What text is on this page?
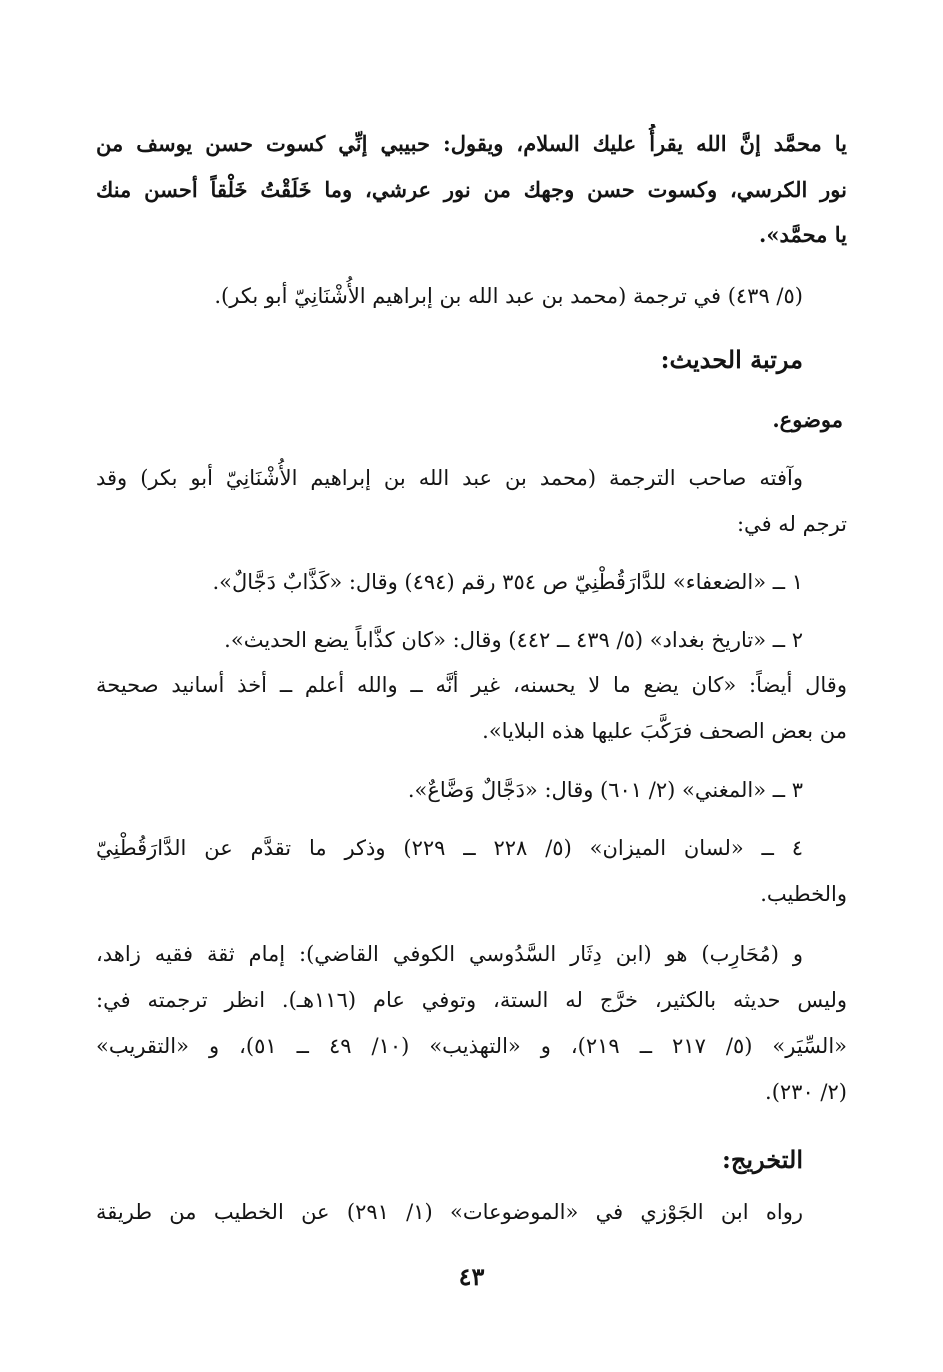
يا محمَّد إنَّ الله يقرأُ عليك السلام، ويقول: حبيبي إنِّي كسوت حسن يوسف من
نور الكرسي، وكسوت حسن وجهك من نور عرشي، وما خَلَقْتُ خَلْقاً أحسن منك
يا محمَّد».
(٥/ ٤٣٩) في ترجمة (محمد بن عبد الله بن إبراهيم الأُشْنَانِيّ أبو بكر).
مرتبة الحديث:
موضوع.
وآفته صاحب الترجمة (محمد بن عبد الله بن إبراهيم الأُشْنَانِيّ أبو بكر) وقد
ترجم له في:
١ ــ «الضعفاء» للدَّارَقُطْنِيّ ص ٣٥٤ رقم (٤٩٤) وقال: «كَذَّابٌ دَجَّالٌ».
٢ ــ «تاريخ بغداد» (٥/ ٤٣٩ ــ ٤٤٢) وقال: «كان كذَّاباً يضع الحديث».
وقال أيضاً: «كان يضع ما لا يحسنه، غير أنَّه ــ والله أعلم ــ أخذ أسانيد صحيحة
من بعض الصحف فرَكَّبَ عليها هذه البلايا».
٣ ــ «المغني» (٢/ ٦٠١) وقال: «دَجَّالٌ وَضَّاعٌ».
٤ ــ «لسان الميزان» (٥/ ٢٢٨ ــ ٢٢٩) وذكر ما تقدَّم عن الدَّارَقُطْنِيّ
والخطيب.
و (مُحَارِب) هو (ابن دِثَار السَّدُوسي الكوفي القاضي): إمام ثقة فقيه زاهد،
وليس حديثه بالكثير، خرَّج له الستة، وتوفي عام (١١٦هـ). انظر ترجمته في:
«السِّيَر» (٥/ ٢١٧ ــ ٢١٩)، و «التهذيب» (١٠/ ٤٩ ــ ٥١)، و «التقريب»
(٢/ ٢٣٠).
التخريج:
رواه ابن الجَوْزي في «الموضوعات» (١/ ٢٩١) عن الخطيب من طريقة
٤٣
